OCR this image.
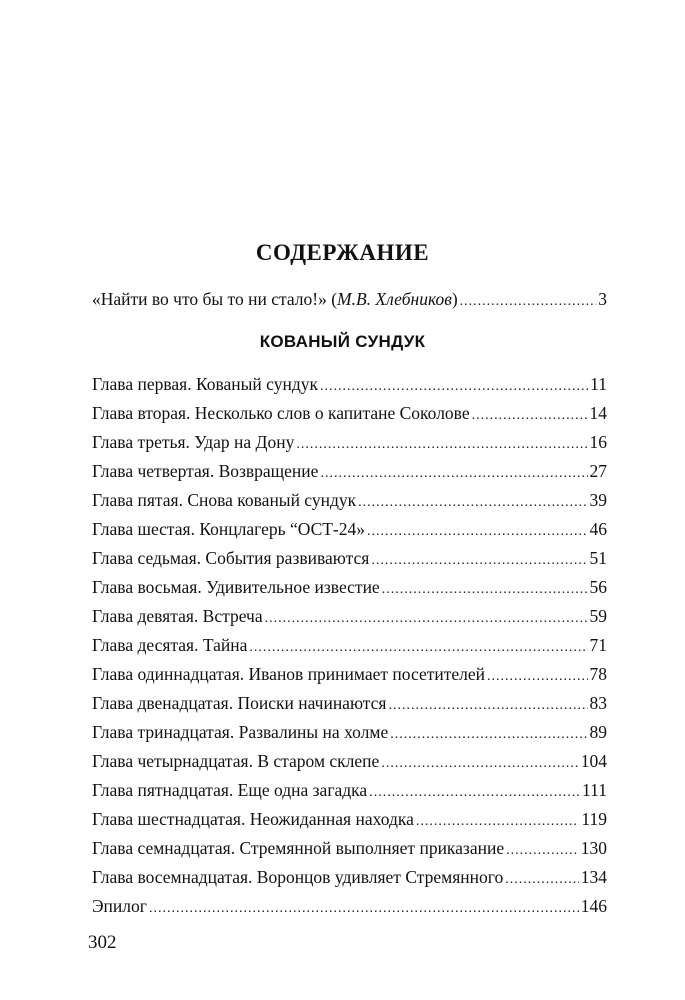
СОДЕРЖАНИЕ
«Найти во что бы то ни стало!» (М.В. Хлебников) .....	3
КОВАНЫЙ СУНДУК
Глава первая. Кованый сундук .....	11
Глава вторая. Несколько слов о капитане Соколове .....	14
Глава третья. Удар на Дону .....	16
Глава четвертая. Возвращение .....	27
Глава пятая. Снова кованый сундук .....	39
Глава шестая. Концлагерь “ОСТ-24» .....	46
Глава седьмая. События развиваются .....	51
Глава восьмая. Удивительное известие .....	56
Глава девятая. Встреча .....	59
Глава десятая. Тайна .....	71
Глава одиннадцатая. Иванов принимает посетителей .....	78
Глава двенадцатая. Поиски начинаются .....	83
Глава тринадцатая. Развалины на холме .....	89
Глава четырнадцатая. В старом склепе .....	104
Глава пятнадцатая. Еще одна загадка .....	111
Глава шестнадцатая. Неожиданная находка .....	119
Глава семнадцатая. Стремянной выполняет приказание .....	130
Глава восемнадцатая. Воронцов удивляет Стремянного .....	134
Эпилог .....	146
302
